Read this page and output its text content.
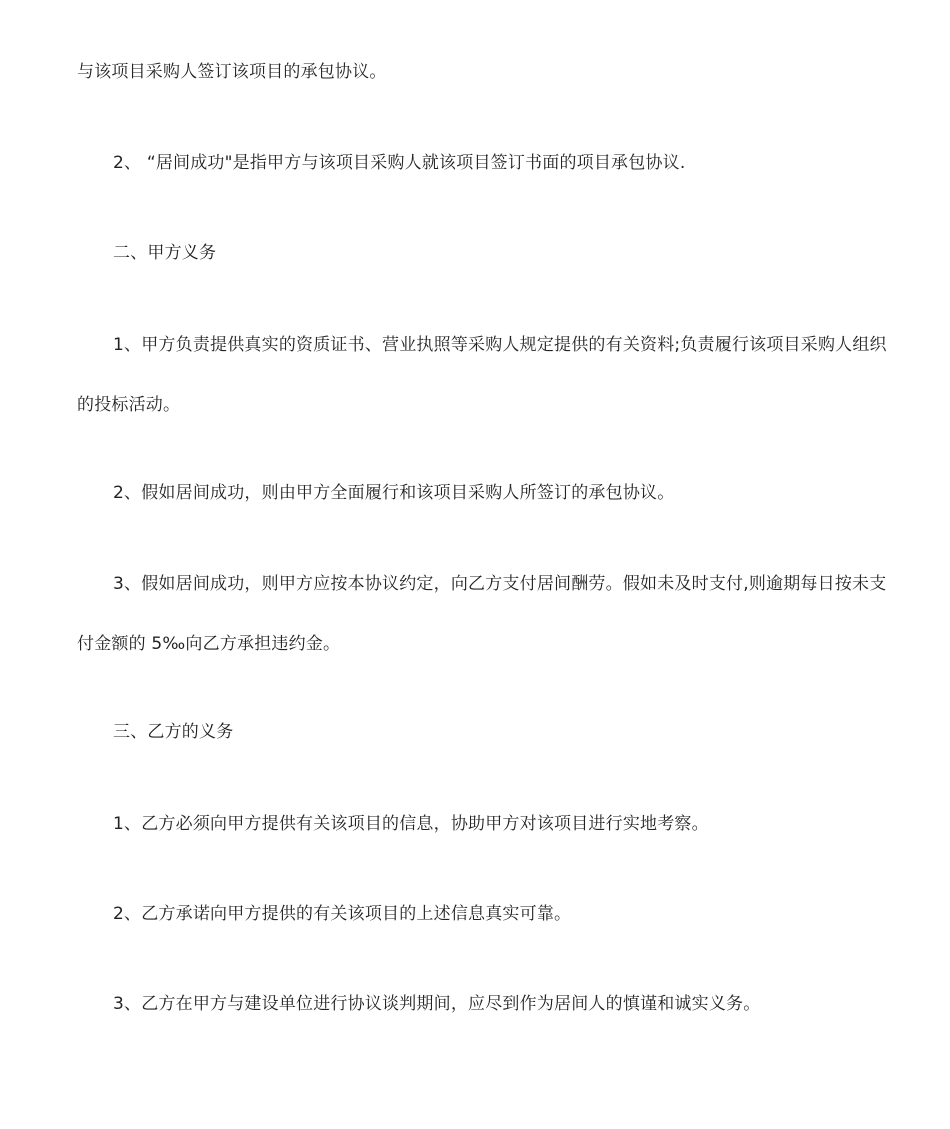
与该项目采购人签订该项目的承包协议。

2、 “居间成功"是指甲方与该项目采购人就该项目签订书面的项目承包协议.

二、甲方义务

1、甲方负责提供真实的资质证书、营业执照等采购人规定提供的有关资料;负责履行该项目采购人组织的投标活动。

2、假如居间成功，则由甲方全面履行和该项目采购人所签订的承包协议。

3、假如居间成功，则甲方应按本协议约定，向乙方支付居间酬劳。假如未及时支付,则逾期每日按未支付金额的 5‰向乙方承担违约金。

三、乙方的义务

1、乙方必须向甲方提供有关该项目的信息，协助甲方对该项目进行实地考察。

2、乙方承诺向甲方提供的有关该项目的上述信息真实可靠。

3、乙方在甲方与建设单位进行协议谈判期间，应尽到作为居间人的慎谨和诚实义务。
